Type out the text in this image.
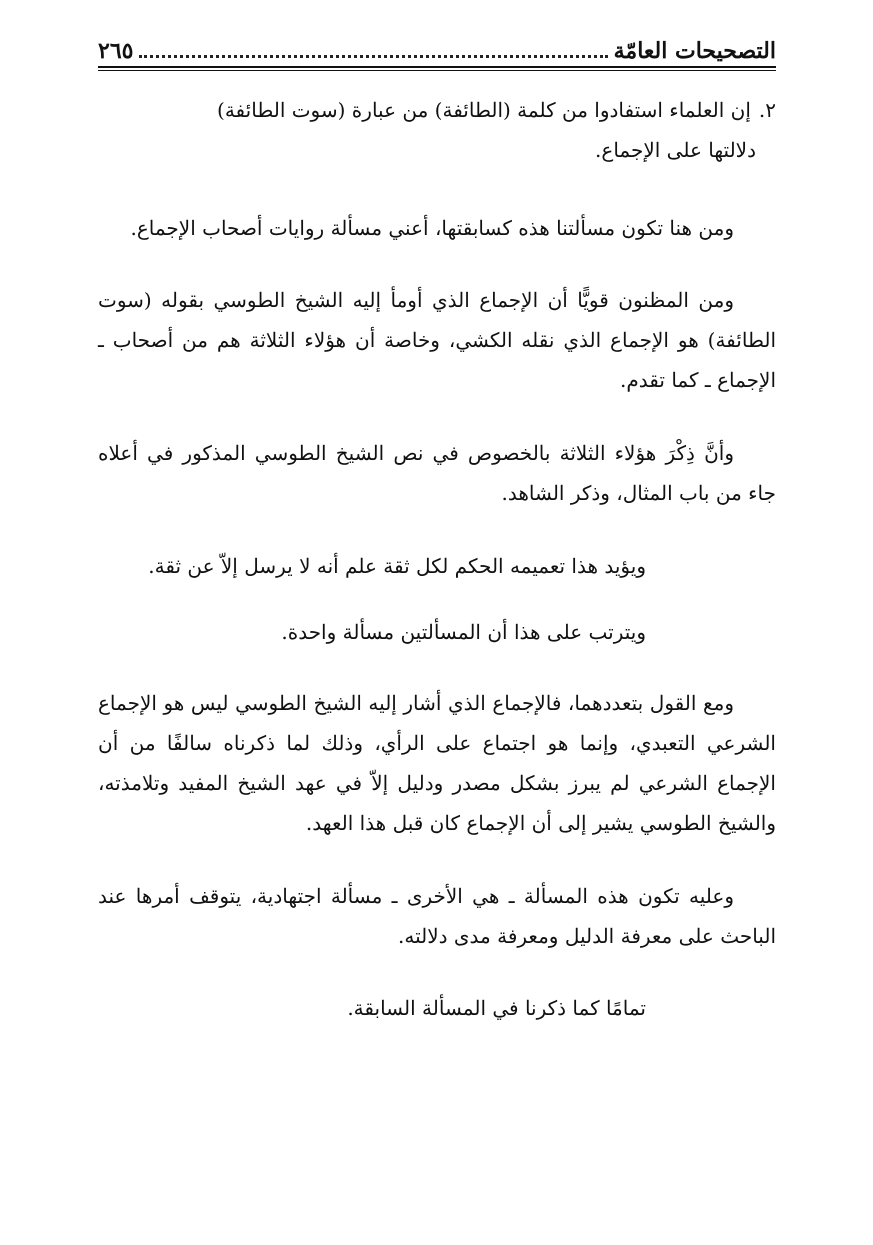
التصحيحات العامّة
٢٦٥
٢.إن العلماء استفادوا من كلمة (الطائفة) من عبارة (سوت الطائفة)
دلالتها على الإجماع.
ومن هنا تكون مسألتنا هذه كسابقتها، أعني مسألة روايات أصحاب الإجماع.
ومن المظنون قويًّا أن الإجماع الذي أومأ إليه الشيخ الطوسي بقوله (سوت الطائفة) هو الإجماع الذي نقله الكشي، وخاصة أن هؤلاء الثلاثة هم من أصحاب ـ الإجماع ـ كما تقدم.
وأنَّ ذِكْرَ هؤلاء الثلاثة بالخصوص في نص الشيخ الطوسي المذكور في أعلاه جاء من باب المثال، وذكر الشاهد.
ويؤيد هذا تعميمه الحكم لكل ثقة علم أنه لا يرسل إلاّ عن ثقة.
ويترتب على هذا أن المسألتين مسألة واحدة.
ومع القول بتعددهما، فالإجماع الذي أشار إليه الشيخ الطوسي ليس هو الإجماع الشرعي التعبدي، وإنما هو اجتماع على الرأي، وذلك لما ذكرناه سالفًا من أن الإجماع الشرعي لم يبرز بشكل مصدر ودليل إلاّ في عهد الشيخ المفيد وتلامذته، والشيخ الطوسي يشير إلى أن الإجماع كان قبل هذا العهد.
وعليه تكون هذه المسألة ـ هي الأخرى ـ مسألة اجتهادية، يتوقف أمرها عند الباحث على معرفة الدليل ومعرفة مدى دلالته.
تمامًا كما ذكرنا في المسألة السابقة.
